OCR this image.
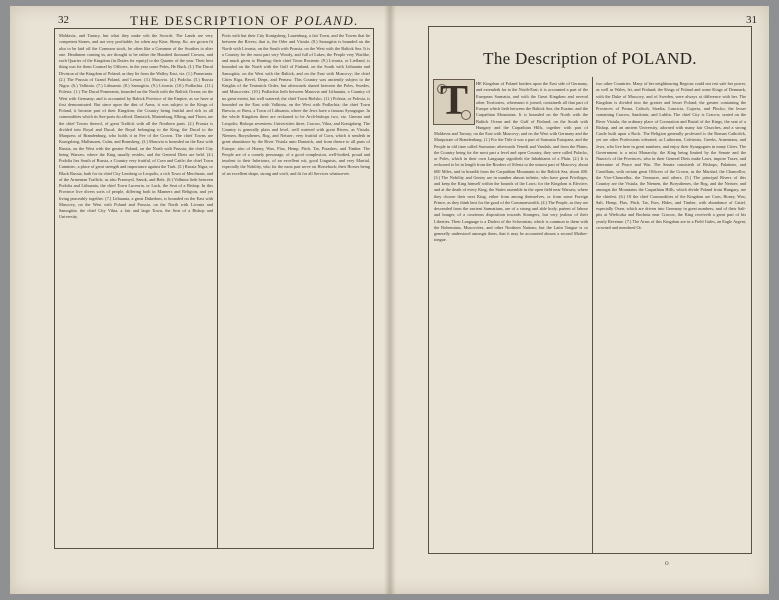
32	THE DESCRIPTION OF POLAND.

Moldavia, and Tartary, but what they make wth the Swords. The Lands are very competent Stones, and not very profitable; for when any Kine, Sheep, &c. are grown fit also to be laid off the Common stock, be often like a Common of the Swathes to alter one. Heathmen coming in, are thought to be rather the Hundred thousand Crowns, and each Quarter of the Kingdom (in Duties for equity) to the Quarter of the year. Their best thing was for them Counsel by Officers, in the year some Poles, He Buck. (I.) The Ducal Division of the Kingdom of Poland, as they lie from the Walloy East, viz. (1.) Pomerania. (2.) The Prussia of Grand Poland, and Lesser. (3.) Masovia. (4.) Podolia. (5.) Russia Nigra. (6.) Volhinia. (7.) Lithuania. (8.) Samogitia. (9.) Livonia. (10.) Podlachia. (11.) Polesia. (1.) The Ducal Pomerania, bounded on the North with the Baltick Ocean; on the West with Germany; and is accounted by Baltick Province of the Empire, as we have at first demonstrated. But since upon the dint of Arms, it was subject to the Kings of Poland, it became part of their Kingdom; the Country being fruitful and rich in all commodities which its Sea-ports do afford. Dantzick, Marienburg, Elbing, and Thorn, are the chief Towns thereof, of great Traffick with all the Northern parts. (2.) Prussia is divided into Royal and Ducal; the Royal belonging to the King, the Ducal to the Marquess of Brandenburg, who holds it in Fee of the Crown. The chief Towns are Konigsberg, Mulhausen, Culm, and Brunsberg. (3.) Masovia is bounded on the East with Russia, on the West with the greater Poland, on the North with Prussia; the chief City being Warsaw, where the King usually resides, and the General Diets are held. (4.) Podolia lies South of Russia, a Country very fruitful, of Corn and Cattle; the chief Town Caminiec, a place of great strength and importance against the Turk. (5.) Russia Nigra, or Black Russia, hath for its chief City Lemberg or Leopolis, a rich Town of Merchants, and of the Armenian Traffick; as also Przemysl, Sanok, and Belz. (6.) Volhinia lieth between Podolia and Lithuania, the chief Town Luceoria, or Luck, the Seat of a Bishop. In this Province live divers sorts of people, differing both in Manners and Religion, and yet living peaceably together. (7.) Lithuania, a great Dukedom, is bounded on the East with Muscovy, on the West with Poland and Prussia, on the North with Livonia and Samogitia; the chief City Vilna, a fair and large Town, the Seat of a Bishop and University.

Ports with but their City Konigsberg, Lunenburg, a fair Town, and the Towns that lie between the Rivers; that is, the Oder and Vistula. (8.) Samogitia is bounded on the North with Livonia, on the South with Prussia, on the West with the Baltick Sea. It is a Country for the most part very Woody, and full of Lakes; the People very Warlike, and much given to Hunting; their chief Town Rosienie. (9.) Livonia, or Liefland, is bounded on the North with the Gulf of Finland, on the South with Lithuania and Samogitia, on the West with the Baltick, and on the East with Muscovy; the chief Cities Riga, Revel, Derpt, and Pernaw. This Country was anciently subject to the Knights of the Teutonick Order, but afterwards shared between the Poles, Swedes, and Muscovites. (10.) Podlachia lieth between Masovia and Lithuania, a Country of no great extent, but well watered; the chief Town Bielsko. (11.) Polesia, or Polesia, is bounded on the East with Volhinia, on the West with Podlachia; the chief Town Brescia, or Brest, a Town of Lithuania, where the Jews have a famous Synagogue. In the whole Kingdom there are reckoned to be Arch-bishops two, viz. Gnesna and Leopolis; Bishops seventeen, Universities three, Cracow, Vilna, and Konigsberg. The Country is generally plain and level, well watered with great Rivers, as Vistula, Niemen, Borysthenes, Bog, and Neister; very fruitful of Corn, which it sendeth in great abundance by the River Vistula unto Dantzick, and from thence to all parts of Europe; also of Honey, Wax, Flax, Hemp, Pitch, Tar, Potashes, and Timber. The People are of a comely personage, of a good complexion, well-bodied, proud and insolent to their Inferiours, of an excellent wit, good Linguists, and very Martial, especially the Nobility, who for the most part serve on Horseback; their Horses being of an excellent shape, strong and swift, and fit for all Services whatsoever.

31
The Description of POLAND.
T	HE Kingdom of Poland borders upon the East side of Germany, and extendeth far to the North-East; it is accounted a part of the European Sarmatia, and with the Great Kingdom and several other Territories, whereunto it joined, containeth all that part of Europe which lieth between the Baltick Sea, the Euxine, and the Carpathian Mountains. It is bounded on the North with the Baltick Ocean and the Gulf of Finland; on the South with Hungary and the Carpathian Hills, together with part of Moldavia and Tartary; on the East with Muscovy; and on the West with Germany and the Marquisate of Brandenburg. (1.) For the Title it was a part of Sarmatia Europaea, and the People in old time called Sarmatae; afterwards Venedi and Vandals, and from the Plains, the Country being for the most part a level and open Country, they were called Polacks, or Poles, which in their own Language signifieth the Inhabitants of a Plain. (2.) It is reckoned to be in length from the Borders of Silesia to the utmost part of Muscovy, about 600 Miles, and in breadth from the Carpathian Mountains to the Baltick Sea, about 400. (3.) The Nobility and Gentry are in number almost infinite, who have great Privileges, and keep the King himself within the bounds of the Laws; for the Kingdom is Elective, and at the death of every King, the States assemble in the open field near Warsaw, where they choose their next King, either from among themselves, or from some Foreign Prince, as they think best for the good of the Commonwealth. (4.) The People, as they are descended from the ancient Sarmatians, are of a strong and able body, patient of labour and hunger, of a courteous disposition towards Strangers, but very jealous of their Liberties. Their Language is a Dialect of the Sclavonian, which is common to them with the Bohemians, Muscovites, and other Northern Nations; but the Latin Tongue is so generally understood amongst them, that it may be accounted almost a second Mother-tongue.

two other Countries. Many of her neighbouring Regions could not rest safe her power, as well as Wales, let, and Finland; the Kings of Poland and some Kings of Denmark, with the Duke of Muscovy, and of Sweden, were always at difference with her. The Kingdom is divided into the greater and lesser Poland; the greater containing the Provinces of Posna, Calisch, Siradia, Lancicia, Cujavia, and Plocko; the lesser containing Cracow, Sandomir, and Lublin. The chief City is Cracow, seated on the River Vistula, the ordinary place of Coronation and Burial of the Kings, the seat of a Bishop, and an ancient University, adorned with many fair Churches, and a strong Castle built upon a Rock. The Religion generally professed is the Roman Catholick, yet are other Professions tolerated, as Lutherans, Calvinists, Greeks, Armenians, and Jews, who live here in great numbers, and enjoy their Synagogues in many Cities. The Government is a mixt Monarchy, the King being limited by the Senate and the Nuncio's of the Provinces, who in their General Diets make Laws, impose Taxes, and determine of Peace and War. The Senate consisteth of Bishops, Palatines, and Castellans, with certain great Officers of the Crown, as the Marshal, the Chancellor, the Vice-Chancellor, the Treasurer, and others. (5.) The principal Rivers of this Country are the Vistula, the Niemen, the Borysthenes, the Bog, and the Neister; and amongst the Mountains the Carpathian Hills, which divide Poland from Hungary, are the chiefest. (6.) Of the chief Commodities of the Kingdom are Corn, Honey, Wax, Salt, Hemp, Flax, Pitch, Tar, Furs, Hides, and Timber, with abundance of Cattel, especially Oxen, which are driven into Germany in great numbers; and of their Salt-pits at Wieliczka and Bochnia near Cracow, the King receiveth a great part of his yearly Revenue. (7.) The Arms of this Kingdom are in a Field Gules, an Eagle Argent, crowned and membred Or.

O
